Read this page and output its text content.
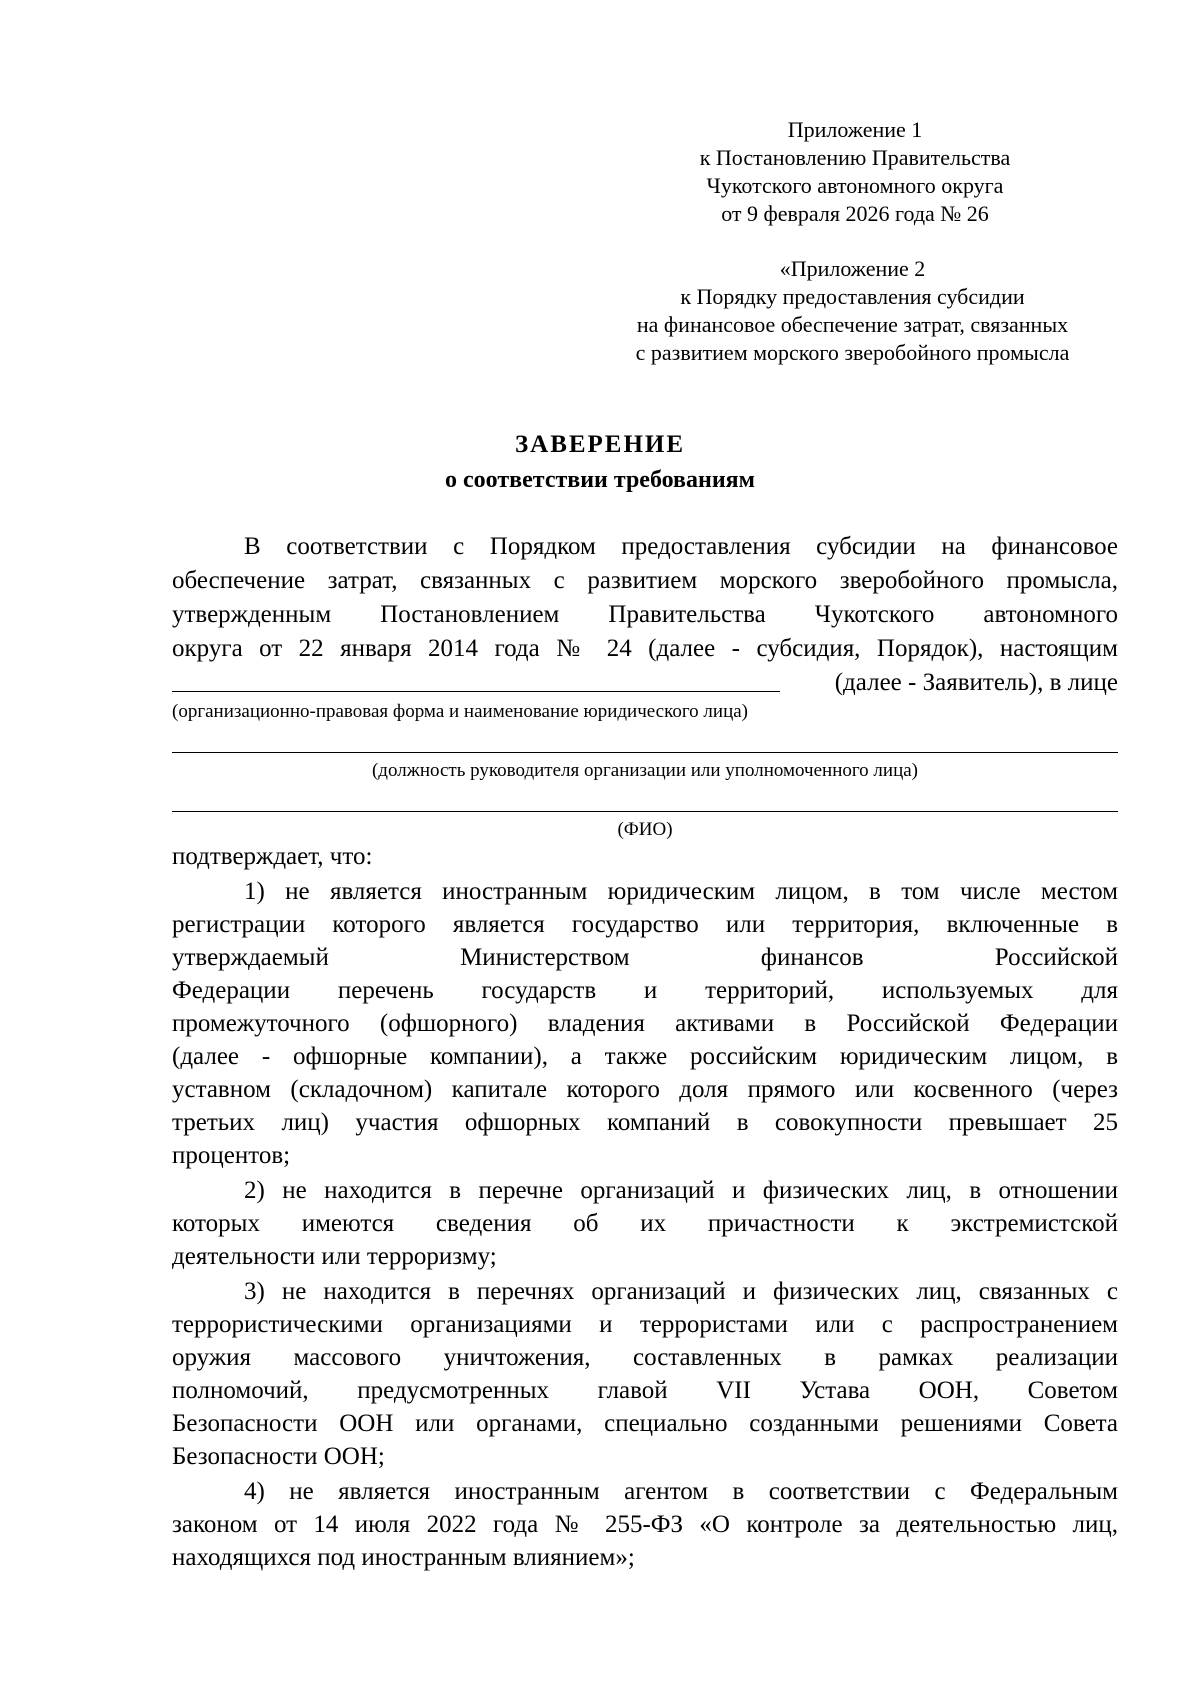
Приложение 1
к Постановлению Правительства
Чукотского автономного округа
от 9 февраля 2026 года № 26
«Приложение 2
к Порядку предоставления субсидии
на финансовое обеспечение затрат, связанных
с развитием морского зверобойного промысла
ЗАВЕРЕНИЕ
о соответствии требованиям
В соответствии с Порядком предоставления субсидии на финансовое
обеспечение затрат, связанных с развитием морского зверобойного промысла,
утвержденным Постановлением Правительства Чукотского автономного
округа от 22 января 2014 года № 24 (далее - субсидия, Порядок), настоящим
(далее - Заявитель), в лице
(организационно-правовая форма и наименование юридического лица)
(должность руководителя организации или уполномоченного лица)
(ФИО)
подтверждает, что:
1) не является иностранным юридическим лицом, в том числе местом
регистрации которого является государство или территория, включенные в
утверждаемый Министерством финансов Российской
Федерации перечень государств и территорий, используемых для
промежуточного (офшорного) владения активами в Российской Федерации
(далее - офшорные компании), а также российским юридическим лицом, в
уставном (складочном) капитале которого доля прямого или косвенного (через
третьих лиц) участия офшорных компаний в совокупности превышает 25
процентов;
2) не находится в перечне организаций и физических лиц, в отношении
которых имеются сведения об их причастности к экстремистской
деятельности или терроризму;
3) не находится в перечнях организаций и физических лиц, связанных с
террористическими организациями и террористами или с распространением
оружия массового уничтожения, составленных в рамках реализации
полномочий, предусмотренных главой VII Устава ООН, Советом
Безопасности ООН или органами, специально созданными решениями Совета
Безопасности ООН;
4) не является иностранным агентом в соответствии с Федеральным
законом от 14 июля 2022 года № 255-ФЗ «О контроле за деятельностью лиц,
находящихся под иностранным влиянием»;
